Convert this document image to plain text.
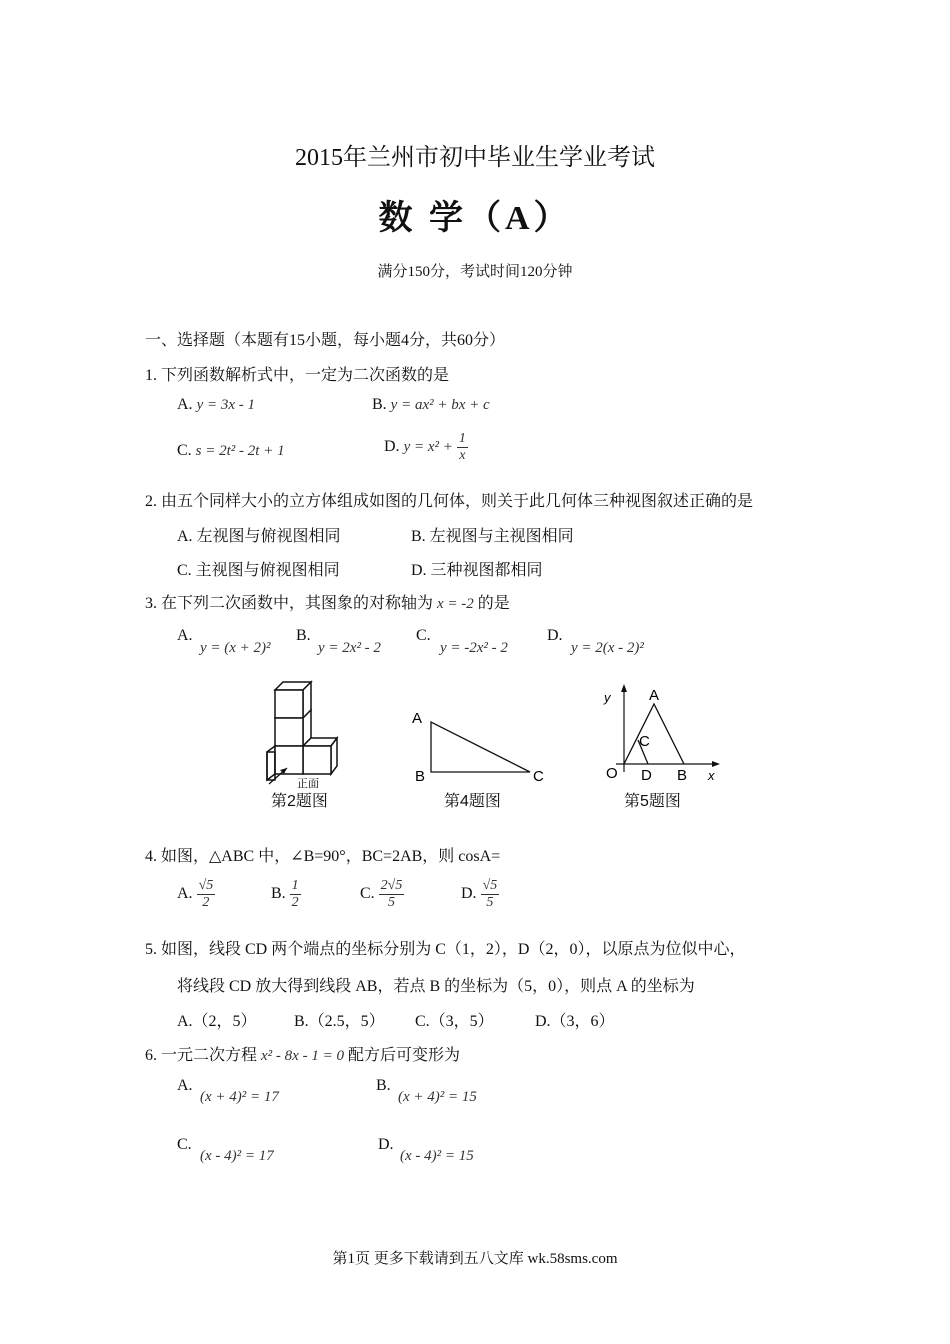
2015年兰州市初中毕业生学业考试
数 学（A）
满分150分，考试时间120分钟
一、选择题（本题有15小题，每小题4分，共60分）
1. 下列函数解析式中，一定为二次函数的是
A. y = 3x - 1	B. y = ax² + bx + c
C. s = 2t² - 2t + 1	D. $y = x^2 + \frac{1}{x}$
2. 由五个同样大小的立方体组成如图的几何体，则关于此几何体三种视图叙述正确的是
A. 左视图与俯视图相同	B. 左视图与主视图相同
C. 主视图与俯视图相同	D. 三种视图都相同
3. 在下列二次函数中，其图象的对称轴为 x = -2 的是
A.
y = (x + 2)²
B.
y = 2x² - 2
C.
y = -2x² - 2
D.
y = 2(x - 2)²
正面
第2题图
A
B	C
第4题图
y
x
O
A
C
D B
第5题图
4. 如图，△ABC 中，∠B=90°，BC=2AB，则 cosA=
A. $\frac{√5}{2}$	B. $\frac{1}{2}$	C. $\frac{2√5}{5}$	D. $\frac{√5}{5}$
5. 如图，线段 CD 两个端点的坐标分别为 C（1，2），D（2，0），以原点为位似中心，
将线段 CD 放大得到线段 AB，若点 B 的坐标为（5，0），则点 A 的坐标为
A.（2，5） B.（2.5，5） C.（3，5）	D.（3，6）
6. 一元二次方程 x² - 8x - 1 = 0 配方后可变形为
A.
(x + 4)² = 17
B.
(x + 4)² = 15
C.
(x - 4)² = 17
D.
(x - 4)² = 15
第1页 更多下载请到五八文库 wk.58sms.com
